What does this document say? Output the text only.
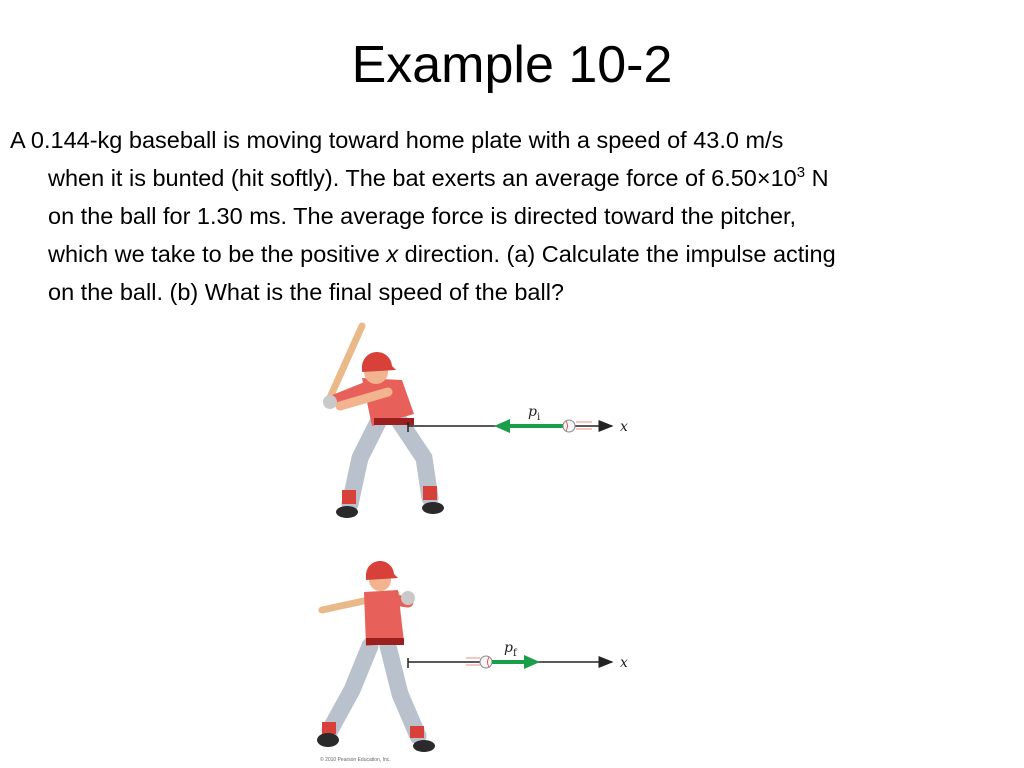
Example 10-2
A 0.144-kg baseball is moving toward home plate with a speed of 43.0 m/s
when it is bunted (hit softly). The bat exerts an average force of $6.50\times 10^3$ N
on the ball for 1.30 ms. The average force is directed toward the pitcher,
which we take to be the positive x direction. (a) Calculate the impulse acting
on the ball. (b) What is the final speed of the ball?
x
p i
x
p f
© 2010 Pearson Education, Inc.
